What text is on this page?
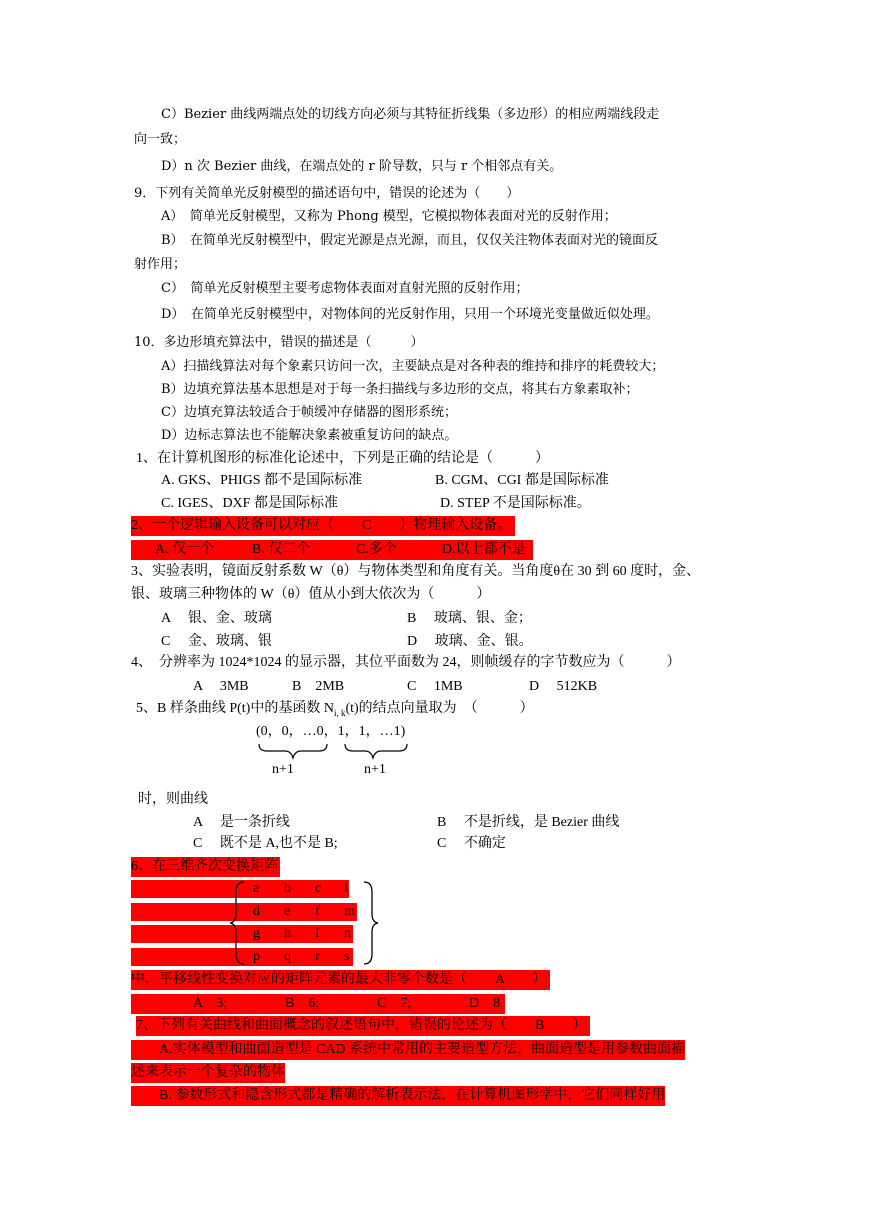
C）Bezier 曲线两端点处的切线方向必须与其特征折线集（多边形）的相应两端线段走
向一致；
D）n 次 Bezier 曲线，在端点处的 r 阶导数，只与 r 个相邻点有关。
9．下列有关简单光反射模型的描述语句中，错误的论述为（　　）
A）　简单光反射模型，又称为 Phong 模型，它模拟物体表面对光的反射作用；
B）　在简单光反射模型中，假定光源是点光源，而且，仅仅关注物体表面对光的镜面反
射作用；
C）　简单光反射模型主要考虑物体表面对直射光照的反射作用；
D）　在简单光反射模型中，对物体间的光反射作用，只用一个环境光变量做近似处理。
10．多边形填充算法中，错误的描述是（　　　）
A）扫描线算法对每个象素只访问一次，主要缺点是对各种表的维持和排序的耗费较大；
B）边填充算法基本思想是对于每一条扫描线与多边形的交点，将其右方象素取补；
C）边填充算法较适合于帧缓冲存储器的图形系统；
D）边标志算法也不能解决象素被重复访问的缺点。
1、在计算机图形的标准化论述中，下列是正确的结论是（　　　）
A. GKS、PHIGS 都不是国际标准	B. CGM、CGI 都是国际标准
C. IGES、DXF 都是国际标准	D. STEP 不是国际标准。
2、一个逻辑输入设备可以对应（　　C　　）物理输入设备。
A. 仅一个	B. 仅二个	C.多个	D.以上都不是
3、实验表明，镜面反射系数 W（θ）与物体类型和角度有关。当角度θ在 30 到 60 度时，金、
银、玻璃三种物体的 W（θ）值从小到大依次为（　　　）
A　 银、金、玻璃	B　 玻璃、银、金；
C　 金、玻璃、银	D　 玻璃、金、银。
4、　分辨率为 1024*1024 的显示器，其位平面数为 24，则帧缓存的字节数应为（　　　）
A　 3MB	B　2MB	C　 1MB	D　 512KB
5、B 样条曲线 P(t)中的基函数 $N_{i, k}(t)$的结点向量取为　（　　　）
(0，0，…0，1，1，…1)
n+1	n+1
时，则曲线
A　 是一条折线	B　 不是折线，是 Bezier 曲线
C　 既不是 A,也不是 B;	C　 不确定
6、在三维齐次变换矩阵
a b c l
d e f m
g h I n
p q r s
中，平移线性变换对应的矩阵元素的最大非零个数是（　　A　　）
A　3;	B　6;	C　7;	D　8
7、下列有关曲线和曲面概念的叙述语句中，错误的论述为（　　B　　）
A.实体模型和曲面造型是 CAD 系统中常用的主要造型方法，曲面造型是用参数曲面描
述来表示一个复杂的物体
B. 参数形式和隐含形式都是精确的解析表示法，在计算机图形学中，它们同样好用
